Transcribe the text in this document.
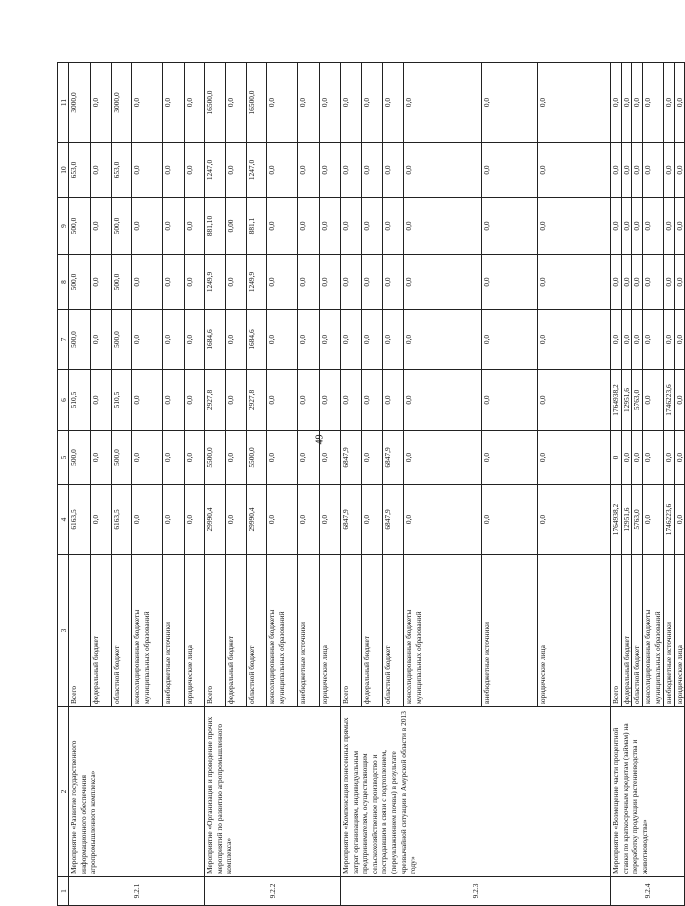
49
1	2	3	4	5	6	7	8	9	10	11
9.2.1	Мероприятие «Развитие государственного информационного обеспечения агропромышленного комплекса»	Всего	6163,5	500,0	510,5	500,0	500,0	500,0	653,0	3000,0
		федеральный бюджет	0,0	0,0	0,0	0,0	0,0	0,0	0,0	0,0
		областной бюджет	6163,5	500,0	510,5	500,0	500,0	500,0	653,0	3000,0
		консолидированные бюджеты муниципальных образований	0,0	0,0	0,0	0,0	0,0	0,0	0,0	0,0
		внебюджетные источники	0,0	0,0	0,0	0,0	0,0	0,0	0,0	0,0
		юридические лица	0,0	0,0	0,0	0,0	0,0	0,0	0,0	0,0
9.2.2	Мероприятие «Организация и проведение прочих мероприятий по развитию агропромышленного комплекса»	Всего	29990,4	5500,0	2927,8	1684,6	1249,9	881,10	1247,0	16500,0
		федеральный бюджет	0,0	0,0	0,0	0,0	0,0	0,00	0,0	0,0
		областной бюджет	29990,4	5500,0	2927,8	1684,6	1249,9	881,1	1247,0	16500,0
		консолидированные бюджеты муниципальных образований	0,0	0,0	0,0	0,0	0,0	0,0	0,0	0,0
		внебюджетные источники	0,0	0,0	0,0	0,0	0,0	0,0	0,0	0,0
		юридические лица	0,0	0,0	0,0	0,0	0,0	0,0	0,0	0,0
9.2.3	Мероприятие «Компенсация понесенных прямых затрат организациям, индивидуальным предпринимателям, осуществляющим сельскохозяйственное производство и пострадавшим в связи с подтоплением, (переувлажнением почвы) в результате чрезвычайной ситуации в Амурской области в 2013 году»	Всего	6847,9	6847,9	0,0	0,0	0,0	0,0	0,0	0,0
		федеральный бюджет	0,0	0,0	0,0	0,0	0,0	0,0	0,0	0,0
		областной бюджет	6847,9	6847,9	0,0	0,0	0,0	0,0	0,0	0,0
		консолидированные бюджеты муниципальных образований	0,0	0,0	0,0	0,0	0,0	0,0	0,0	0,0
		внебюджетные источники	0,0	0,0	0,0	0,0	0,0	0,0	0,0	0,0
		юридические лица	0,0	0,0	0,0	0,0	0,0	0,0	0,0	0,0
9.2.4	Мероприятие «Возмещение части процентной ставки по краткосрочным кредитам (займам) на переработку продукции растениеводства и животноводства»	Всего	1764938,2	0	1764938,2	0,0	0,0	0,0	0,0	0,0
		федеральный бюджет	12951,6	0,0	12951,6	0,0	0,0	0,0	0,0	0,0
		областной бюджет	5763,0	0,0	5763,0	0,0	0,0	0,0	0,0	0,0
		консолидированные бюджеты муниципальных образований	0,0	0,0	0,0	0,0	0,0	0,0	0,0	0,0
		внебюджетные источники	1746223,6	0,0	1746223,6	0,0	0,0	0,0	0,0	0,0
		юридические лица	0,0	0,0	0,0	0,0	0,0	0,0	0,0	0,0
